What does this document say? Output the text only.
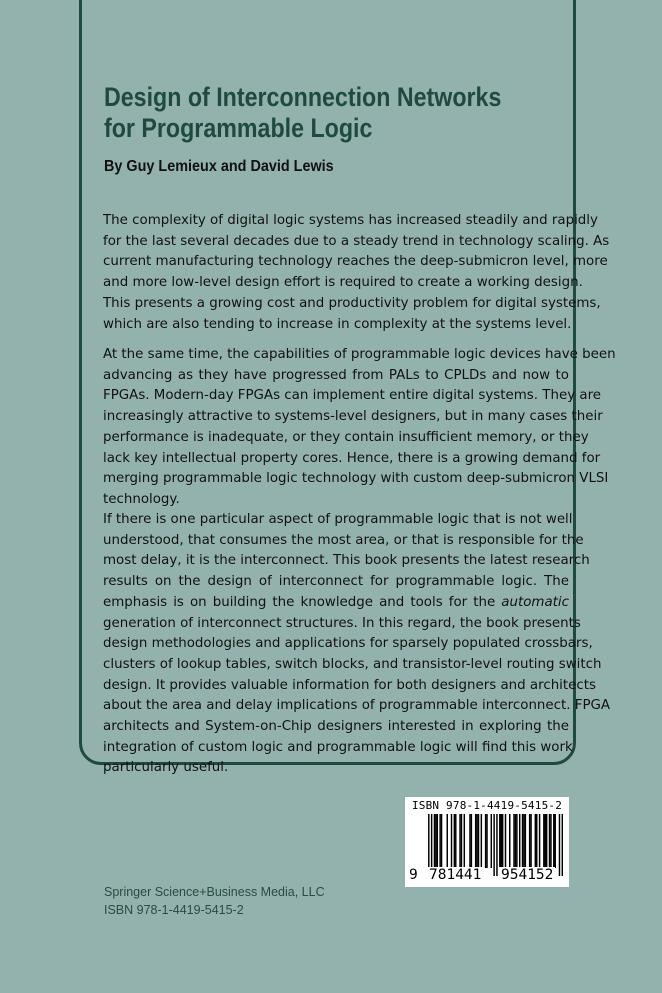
Design of Interconnection Networks
for Programmable Logic
By Guy Lemieux and David Lewis
The complexity of digital logic systems has increased steadily and rapidly
for the last several decades due to a steady trend in technology scaling. As
current manufacturing technology reaches the deep-submicron level, more
and more low-level design effort is required to create a working design.
This presents a growing cost and productivity problem for digital systems,
which are also tending to increase in complexity at the systems level.
At the same time, the capabilities of programmable logic devices have been
advancing as they have progressed from PALs to CPLDs and now to
FPGAs. Modern-day FPGAs can implement entire digital systems. They are
increasingly attractive to systems-level designers, but in many cases their
performance is inadequate, or they contain insufficient memory, or they
lack key intellectual property cores. Hence, there is a growing demand for
merging programmable logic technology with custom deep-submicron VLSI
technology.
If there is one particular aspect of programmable logic that is not well
understood, that consumes the most area, or that is responsible for the
most delay, it is the interconnect. This book presents the latest research
results on the design of interconnect for programmable logic. The
emphasis is on building the knowledge and tools for the automatic
generation of interconnect structures. In this regard, the book presents
design methodologies and applications for sparsely populated crossbars,
clusters of lookup tables, switch blocks, and transistor-level routing switch
design. It provides valuable information for both designers and architects
about the area and delay implications of programmable interconnect. FPGA
architects and System-on-Chip designers interested in exploring the
integration of custom logic and programmable logic will find this work
particularly useful.
ISBN 978-1-4419-5415-2
9 781441 954152
Springer Science+Business Media, LLC
ISBN 978-1-4419-5415-2
